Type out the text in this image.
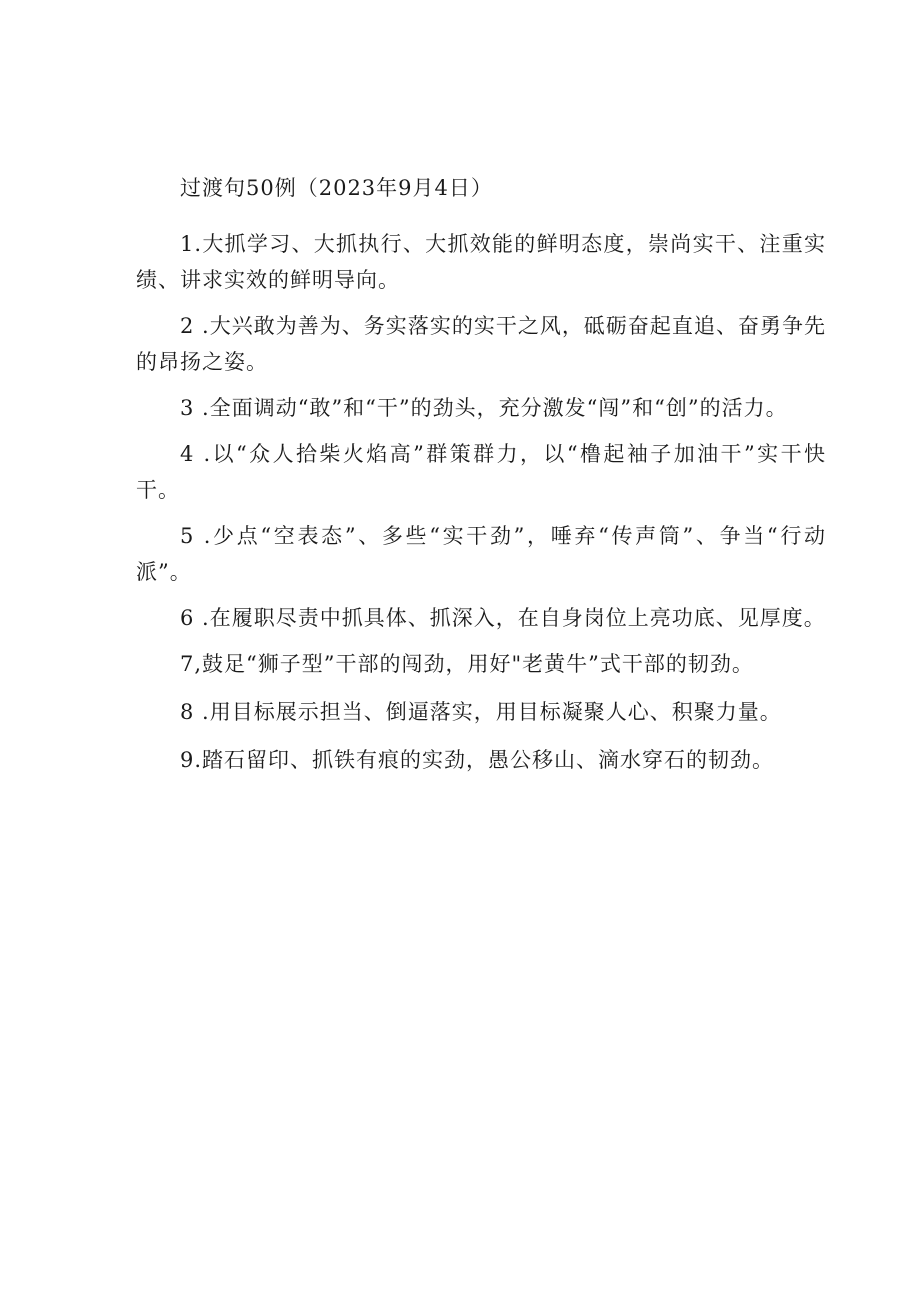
过渡句50例（2023年9月4日）

1.大抓学习、大抓执行、大抓效能的鲜明态度，崇尚实干、注重实绩、讲求实效的鲜明导向。

2 .大兴敢为善为、务实落实的实干之风，砥砺奋起直追、奋勇争先的昂扬之姿。

3 .全面调动“敢”和“干”的劲头，充分激发“闯”和“创”的活力。

4 .以“众人拾柴火焰高”群策群力，以“橹起袖子加油干”实干快干。

5 .少点“空表态”、多些“实干劲”，唾弃“传声筒”、争当“行动派”。

6 .在履职尽责中抓具体、抓深入，在自身岗位上亮功底、见厚度。

7,鼓足“狮子型”干部的闯劲，用好"老黄牛”式干部的韧劲。

8 .用目标展示担当、倒逼落实，用目标凝聚人心、积聚力量。

9.踏石留印、抓铁有痕的实劲，愚公移山、滴水穿石的韧劲。
